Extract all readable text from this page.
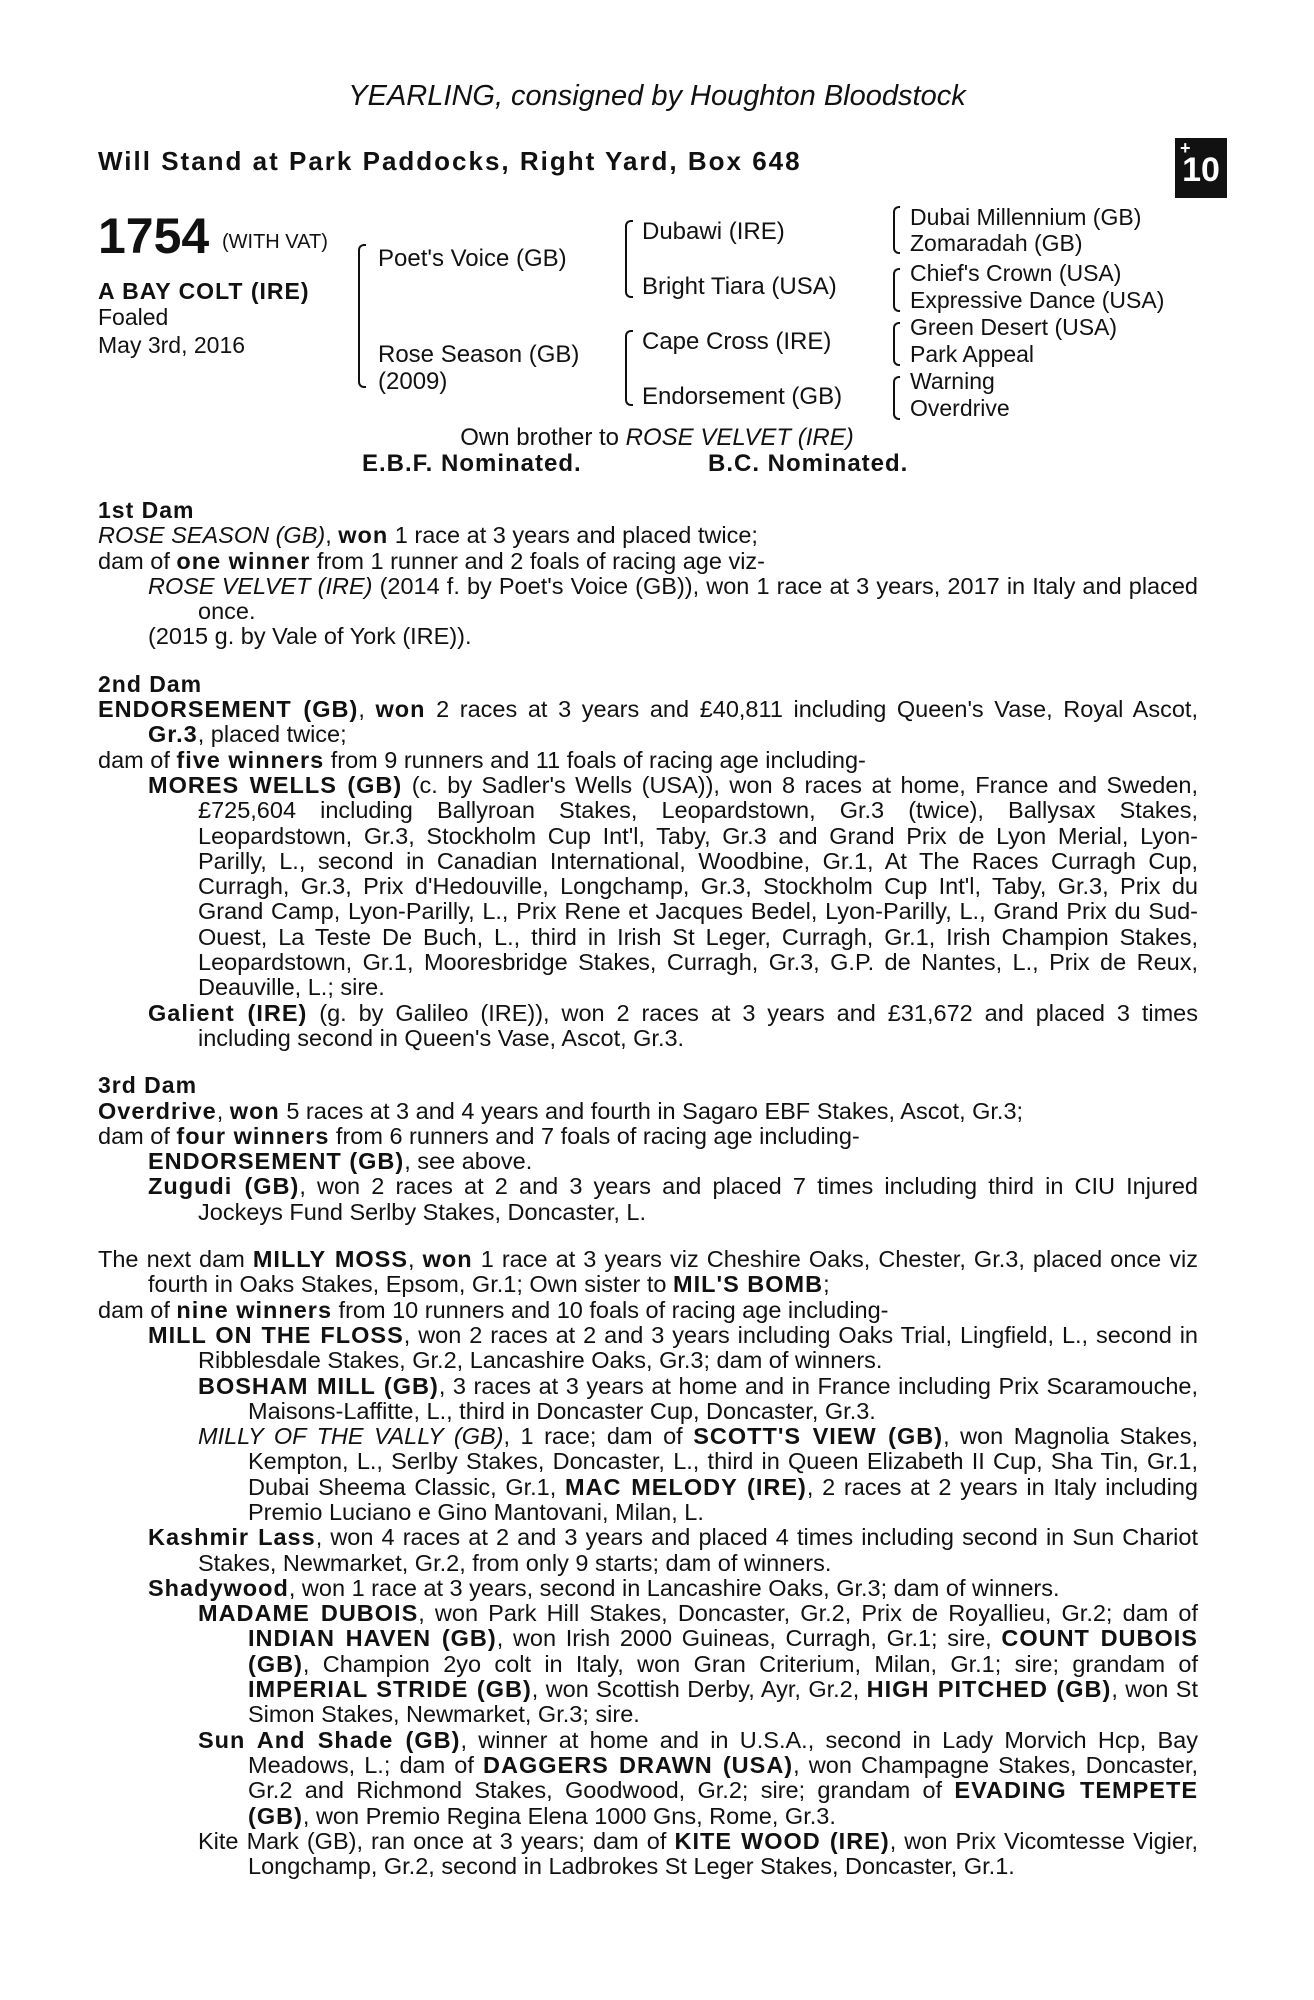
YEARLING, consigned by Houghton Bloodstock
Will Stand at Park Paddocks, Right Yard, Box 648	+
10
1754 (WITH VAT)
A BAY COLT (IRE)
Foaled
May 3rd, 2016
Poet's Voice (GB)
Rose Season (GB)
(2009)
Dubawi (IRE)
Bright Tiara (USA)
Cape Cross (IRE)
Endorsement (GB)
Dubai Millennium (GB)
Zomaradah (GB)
Chief's Crown (USA)
Expressive Dance (USA)
Green Desert (USA)
Park Appeal
Warning
Overdrive
Own brother to ROSE VELVET (IRE)
E.B.F. Nominated.	B.C. Nominated.
1st Dam

ROSE SEASON (GB), won 1 race at 3 years and placed twice;

dam of one winner from 1 runner and 2 foals of racing age viz-

ROSE VELVET (IRE) (2014 f. by Poet's Voice (GB)), won 1 race at 3 years, 2017 in Italy and placed once.

(2015 g. by Vale of York (IRE)).

2nd Dam

ENDORSEMENT (GB), won 2 races at 3 years and £40,811 including Queen's Vase, Royal Ascot, Gr.3, placed twice;

dam of five winners from 9 runners and 11 foals of racing age including-

MORES WELLS (GB) (c. by Sadler's Wells (USA)), won 8 races at home, France and Sweden, £725,604 including Ballyroan Stakes, Leopardstown, Gr.3 (twice), Ballysax Stakes, Leopardstown, Gr.3, Stockholm Cup Int'l, Taby, Gr.3 and Grand Prix de Lyon Merial, Lyon-Parilly, L., second in Canadian International, Woodbine, Gr.1, At The Races Curragh Cup, Curragh, Gr.3, Prix d'Hedouville, Longchamp, Gr.3, Stockholm Cup Int'l, Taby, Gr.3, Prix du Grand Camp, Lyon-Parilly, L., Prix Rene et Jacques Bedel, Lyon-Parilly, L., Grand Prix du Sud-Ouest, La Teste De Buch, L., third in Irish St Leger, Curragh, Gr.1, Irish Champion Stakes, Leopardstown, Gr.1, Mooresbridge Stakes, Curragh, Gr.3, G.P. de Nantes, L., Prix de Reux, Deauville, L.; sire.

Galient (IRE) (g. by Galileo (IRE)), won 2 races at 3 years and £31,672 and placed 3 times including second in Queen's Vase, Ascot, Gr.3.

3rd Dam

Overdrive, won 5 races at 3 and 4 years and fourth in Sagaro EBF Stakes, Ascot, Gr.3;

dam of four winners from 6 runners and 7 foals of racing age including-

ENDORSEMENT (GB), see above.

Zugudi (GB), won 2 races at 2 and 3 years and placed 7 times including third in CIU Injured Jockeys Fund Serlby Stakes, Doncaster, L.

The next dam MILLY MOSS, won 1 race at 3 years viz Cheshire Oaks, Chester, Gr.3, placed once viz fourth in Oaks Stakes, Epsom, Gr.1; Own sister to MIL'S BOMB;

dam of nine winners from 10 runners and 10 foals of racing age including-

MILL ON THE FLOSS, won 2 races at 2 and 3 years including Oaks Trial, Lingfield, L., second in Ribblesdale Stakes, Gr.2, Lancashire Oaks, Gr.3; dam of winners.

BOSHAM MILL (GB), 3 races at 3 years at home and in France including Prix Scaramouche, Maisons-Laffitte, L., third in Doncaster Cup, Doncaster, Gr.3.

MILLY OF THE VALLY (GB), 1 race; dam of SCOTT'S VIEW (GB), won Magnolia Stakes, Kempton, L., Serlby Stakes, Doncaster, L., third in Queen Elizabeth II Cup, Sha Tin, Gr.1, Dubai Sheema Classic, Gr.1, MAC MELODY (IRE), 2 races at 2 years in Italy including Premio Luciano e Gino Mantovani, Milan, L.

Kashmir Lass, won 4 races at 2 and 3 years and placed 4 times including second in Sun Chariot Stakes, Newmarket, Gr.2, from only 9 starts; dam of winners.

Shadywood, won 1 race at 3 years, second in Lancashire Oaks, Gr.3; dam of winners.

MADAME DUBOIS, won Park Hill Stakes, Doncaster, Gr.2, Prix de Royallieu, Gr.2; dam of INDIAN HAVEN (GB), won Irish 2000 Guineas, Curragh, Gr.1; sire, COUNT DUBOIS (GB), Champion 2yo colt in Italy, won Gran Criterium, Milan, Gr.1; sire; grandam of IMPERIAL STRIDE (GB), won Scottish Derby, Ayr, Gr.2, HIGH PITCHED (GB), won St Simon Stakes, Newmarket, Gr.3; sire.

Sun And Shade (GB), winner at home and in U.S.A., second in Lady Morvich Hcp, Bay Meadows, L.; dam of DAGGERS DRAWN (USA), won Champagne Stakes, Doncaster, Gr.2 and Richmond Stakes, Goodwood, Gr.2; sire; grandam of EVADING TEMPETE (GB), won Premio Regina Elena 1000 Gns, Rome, Gr.3.

Kite Mark (GB), ran once at 3 years; dam of KITE WOOD (IRE), won Prix Vicomtesse Vigier, Longchamp, Gr.2, second in Ladbrokes St Leger Stakes, Doncaster, Gr.1.
